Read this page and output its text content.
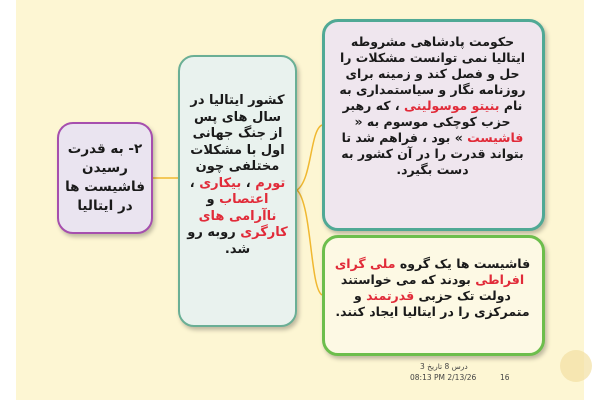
۲- به قدرت رسیدن فاشیست ها در ایتالیا

کشور ایتالیا در سال های پس از جنگ جهانی اول با مشکلات مختلفی چون تورم ، بیکاری ، اعتصاب و ناآرامی های کارگری روبه رو شد.

حکومت پادشاهی مشروطه ایتالیا نمی توانست مشکلات را حل و فصل کند و زمینه برای روزنامه نگار و سیاستمداری به نام بنیتو موسولینی ، که رهبر حزب کوچکی موسوم به « فاشیست » بود ، فراهم شد تا بتواند قدرت را در آن کشور به دست بگیرد.

فاشیست ها یک گروه ملی گرای افراطی بودند که می خواستند دولت تک حزبی قدرتمند و متمرکزی را در ایتالیا ایجاد کنند.

درس 8 تاریخ 3
08:13 PM 2/13/26	16
